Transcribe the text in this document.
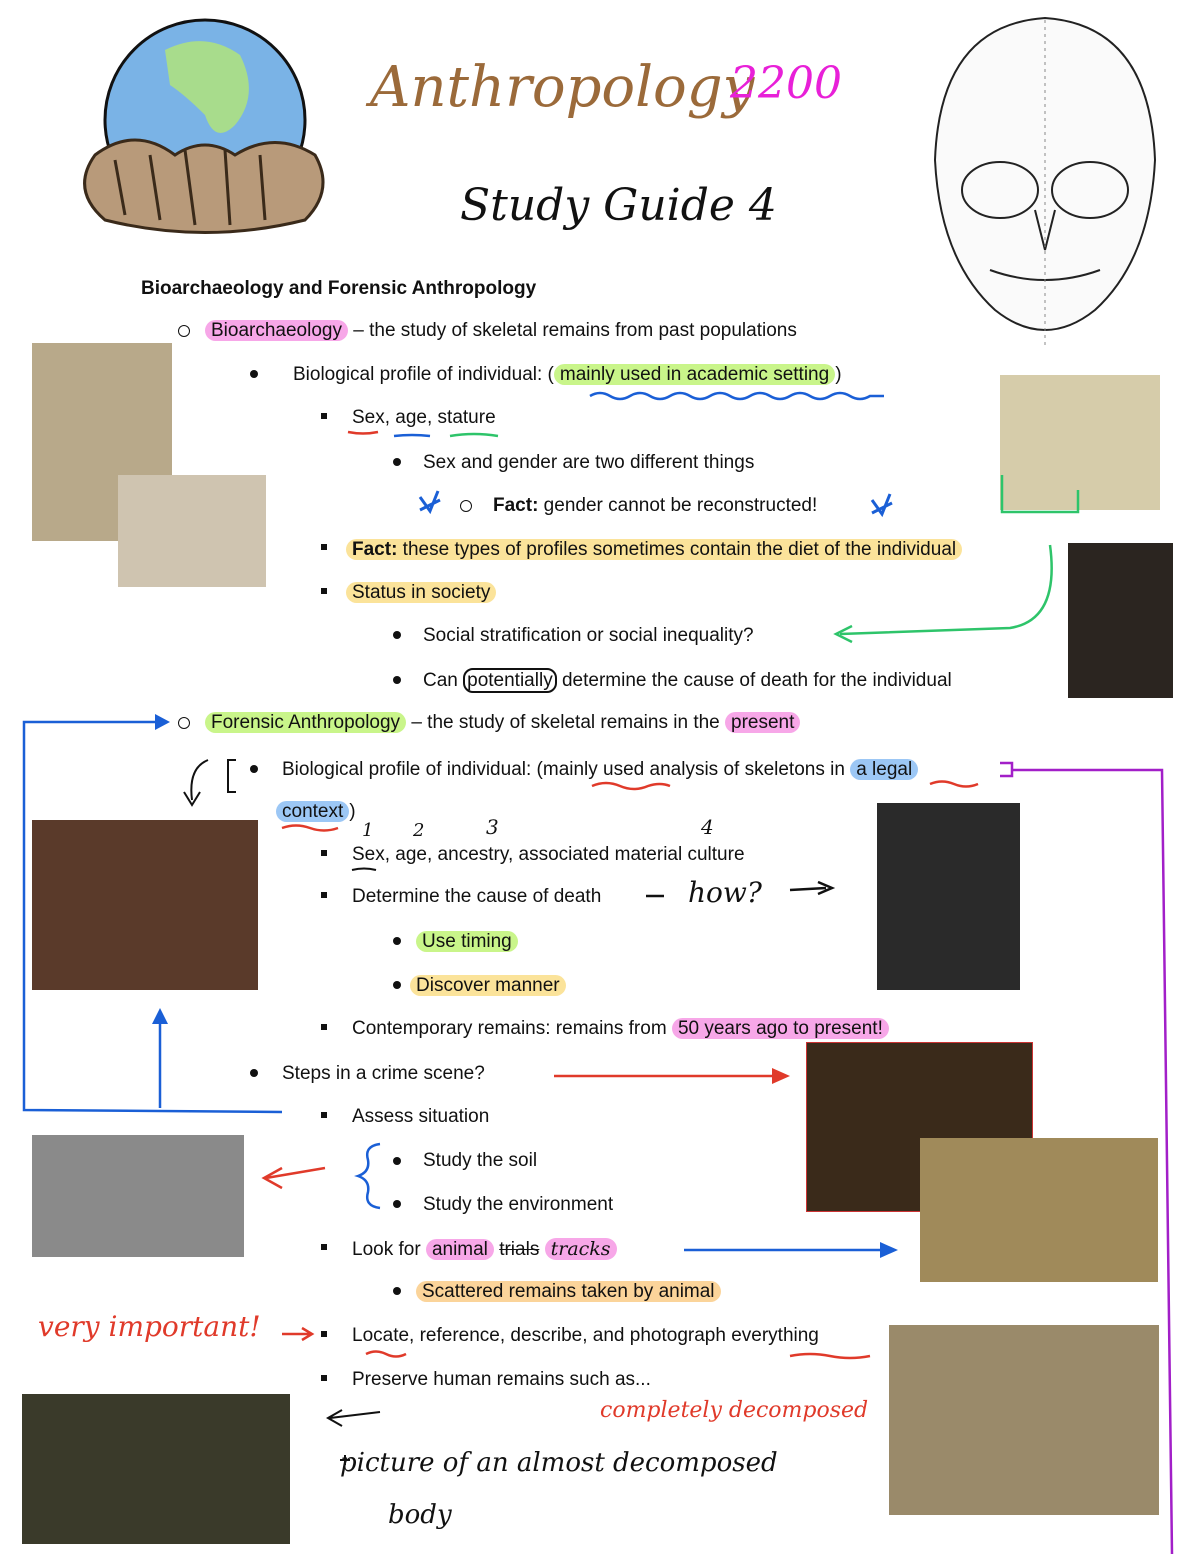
Anthropology
2200
Study Guide 4
Bioarchaeology and Forensic Anthropology
Bioarchaeology – the study of skeletal remains from past populations
Biological profile of individual: ( mainly used in academic setting )
Sex, age, stature
Sex and gender are two different things
Fact: gender cannot be reconstructed!
Fact: these types of profiles sometimes contain the diet of the individual
Status in society
Social stratification or social inequality?
Can potentially determine the cause of death for the individual
Forensic Anthropology – the study of skeletal remains in the present
Biological profile of individual: (mainly used analysis of skeletons in a legal
context )
1 2	3	4
Sex, age, ancestry, associated material culture
Determine the cause of death	how?
Use timing
Discover manner
Contemporary remains: remains from 50 years ago to present!
Steps in a crime scene?
Assess situation
Study the soil
Study the environment
Look for animal trials tracks
Scattered remains taken by animal
Locate, reference, describe, and photograph everything
Preserve human remains such as...
very important!
completely decomposed
picture of an almost decomposed
body
